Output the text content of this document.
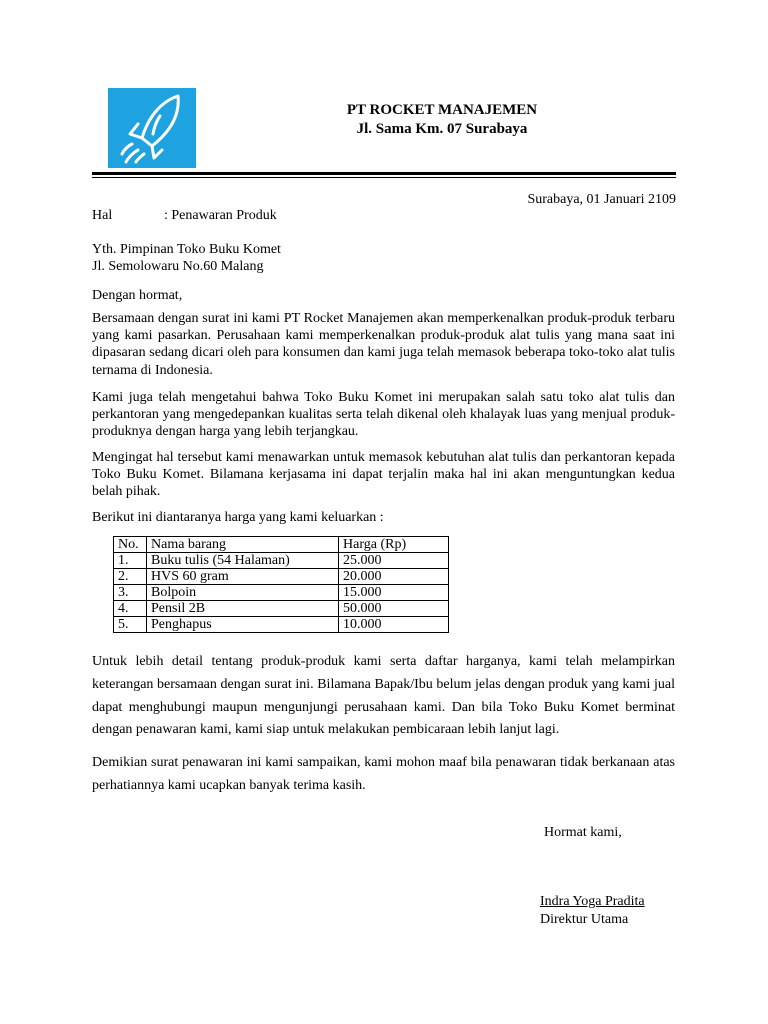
PT ROCKET MANAJEMEN
Jl. Sama Km. 07 Surabaya
Surabaya, 01 Januari 2109
Hal	: Penawaran Produk
Yth. Pimpinan Toko Buku Komet
Jl. Semolowaru No.60 Malang
Dengan hormat,
Bersamaan dengan surat ini kami PT Rocket Manajemen akan memperkenalkan produk-produk terbaru yang kami pasarkan. Perusahaan kami memperkenalkan produk-produk alat tulis yang mana saat ini dipasaran sedang dicari oleh para konsumen dan kami juga telah memasok beberapa toko-toko alat tulis ternama di Indonesia.
Kami juga telah mengetahui bahwa Toko Buku Komet ini merupakan salah satu toko alat tulis dan perkantoran yang mengedepankan kualitas serta telah dikenal oleh khalayak luas yang menjual produk-produknya dengan harga yang lebih terjangkau.
Mengingat hal tersebut kami menawarkan untuk memasok kebutuhan alat tulis dan perkantoran kepada Toko Buku Komet. Bilamana kerjasama ini dapat terjalin maka hal ini akan menguntungkan kedua belah pihak.
Berikut ini diantaranya harga yang kami keluarkan :
No.	Nama barang	Harga (Rp)
1.	Buku tulis (54 Halaman)	25.000
2.	HVS 60 gram	20.000
3.	Bolpoin	15.000
4.	Pensil 2B	50.000
5.	Penghapus	10.000
Untuk lebih detail tentang produk-produk kami serta daftar harganya, kami telah melampirkan keterangan bersamaan dengan surat ini. Bilamana Bapak/Ibu belum jelas dengan produk yang kami jual dapat menghubungi maupun mengunjungi perusahaan kami. Dan bila Toko Buku Komet berminat dengan penawaran kami, kami siap untuk melakukan pembicaraan lebih lanjut lagi.
Demikian surat penawaran ini kami sampaikan, kami mohon maaf bila penawaran tidak berkanaan atas perhatiannya kami ucapkan banyak terima kasih.
Hormat kami,
Indra Yoga Pradita
Direktur Utama
